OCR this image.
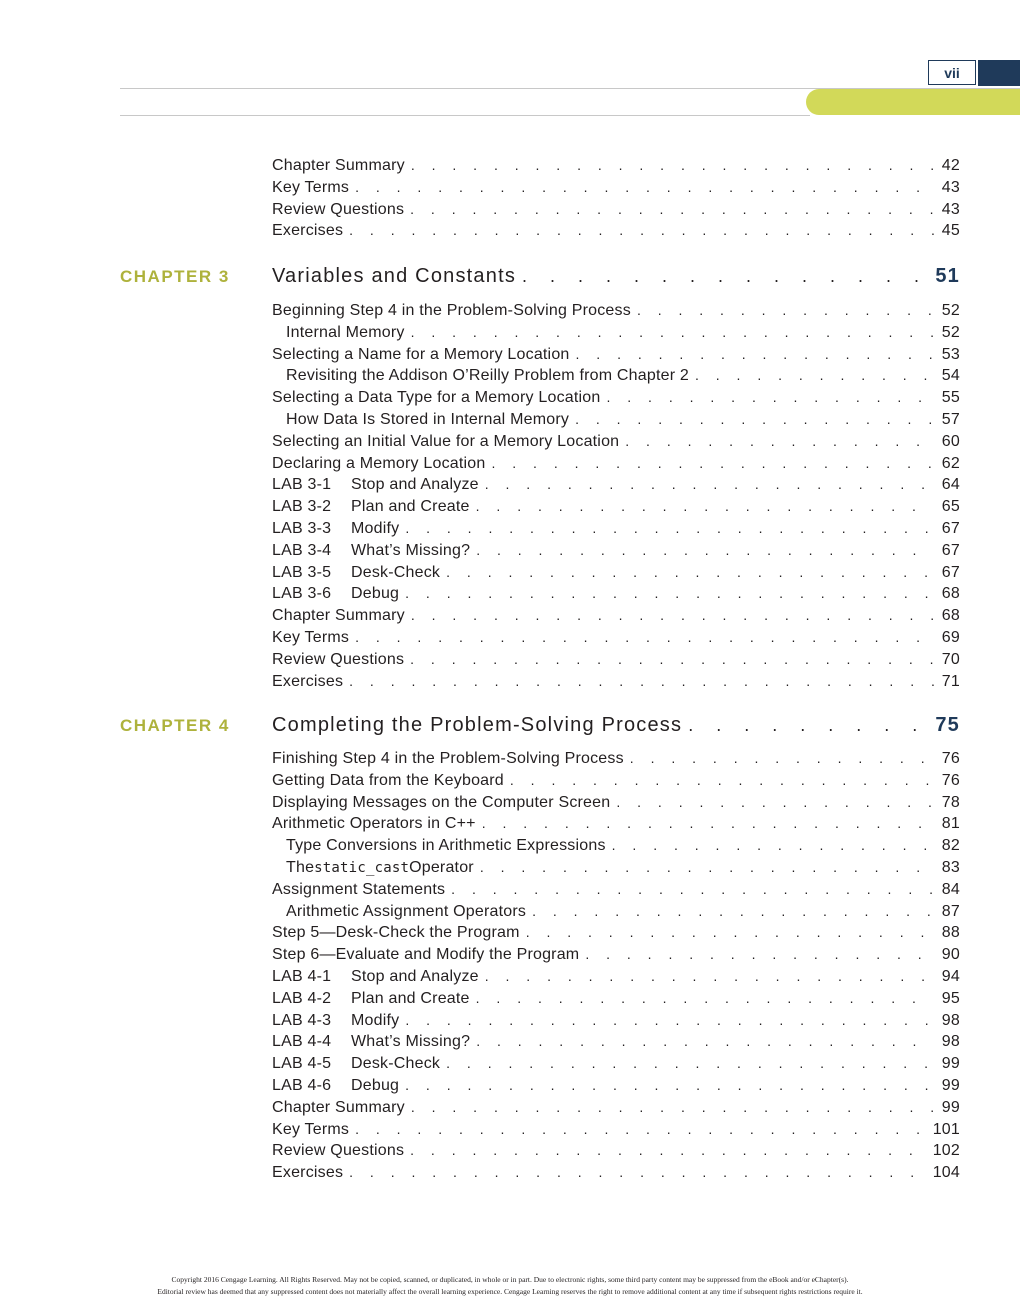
vii
Chapter Summary . . .	42
Key Terms . . .	43
Review Questions . . .	43
Exercises . . .	45
CHAPTER 3 Variables and Constants . . .	51
Beginning Step 4 in the Problem-Solving Process . . .	52
Internal Memory . . .	52
Selecting a Name for a Memory Location . . .	53
Revisiting the Addison O’Reilly Problem from Chapter 2 . . .	54
Selecting a Data Type for a Memory Location . . .	55
How Data Is Stored in Internal Memory . . .	57
Selecting an Initial Value for a Memory Location . . .	60
Declaring a Memory Location . . .	62
LAB 3-1	Stop and Analyze . . .	64
LAB 3-2	Plan and Create . . .	65
LAB 3-3	Modify . . .	67
LAB 3-4	What’s Missing? . . .	67
LAB 3-5	Desk-Check . . .	67
LAB 3-6	Debug . . .	68
Chapter Summary . . .	68
Key Terms . . .	69
Review Questions . . .	70
Exercises . . .	71
CHAPTER 4 Completing the Problem-Solving Process . . .	75
Finishing Step 4 in the Problem-Solving Process . . .	76
Getting Data from the Keyboard . . .	76
Displaying Messages on the Computer Screen . . .	78
Arithmetic Operators in C++ . . .	81
Type Conversions in Arithmetic Expressions . . .	82
The static_cast Operator . . .	83
Assignment Statements . . .	84
Arithmetic Assignment Operators . . .	87
Step 5—Desk-Check the Program . . .	88
Step 6—Evaluate and Modify the Program . . .	90
LAB 4-1	Stop and Analyze . . .	94
LAB 4-2	Plan and Create . . .	95
LAB 4-3	Modify . . .	98
LAB 4-4	What’s Missing? . . .	98
LAB 4-5	Desk-Check . . .	99
LAB 4-6	Debug . . .	99
Chapter Summary . . .	99
Key Terms . . .	101
Review Questions . . .	102
Exercises . . .	104
Copyright 2016 Cengage Learning. All Rights Reserved. May not be copied, scanned, or duplicated, in whole or in part. Due to electronic rights, some third party content may be suppressed from the eBook and/or eChapter(s).
Editorial review has deemed that any suppressed content does not materially affect the overall learning experience. Cengage Learning reserves the right to remove additional content at any time if subsequent rights restrictions require it.
